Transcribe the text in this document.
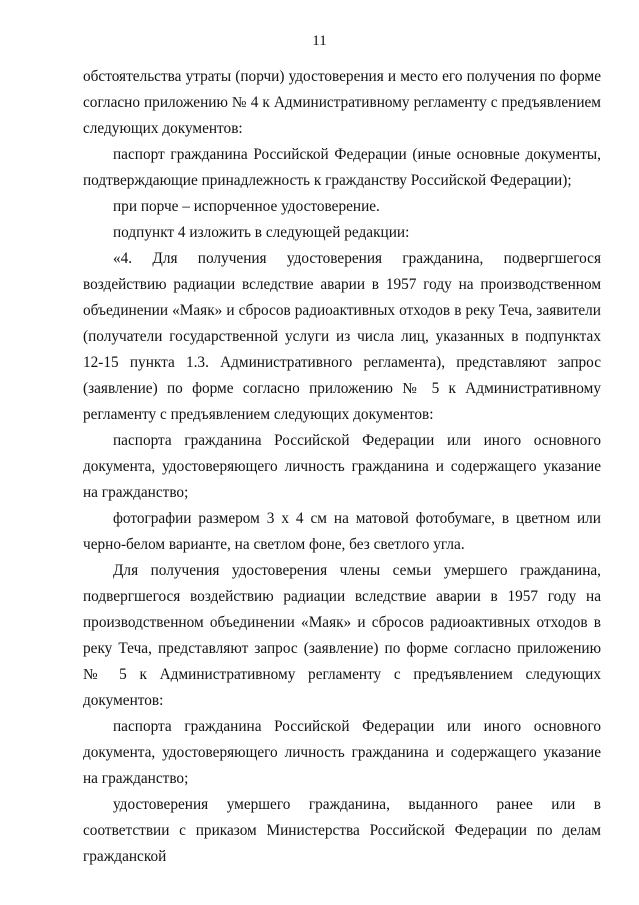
11

обстоятельства утраты (порчи) удостоверения и место его получения по форме согласно приложению № 4 к Административному регламенту с предъявлением следующих документов:

паспорт гражданина Российской Федерации (иные основные документы, подтверждающие принадлежность к гражданству Российской Федерации);

при порче – испорченное удостоверение.

подпункт 4 изложить в следующей редакции:

«4. Для получения удостоверения гражданина, подвергшегося воздействию радиации вследствие аварии в 1957 году на производственном объединении «Маяк» и сбросов радиоактивных отходов в реку Теча, заявители (получатели государственной услуги из числа лиц, указанных в подпунктах 12-15 пункта 1.3. Административного регламента), представляют запрос (заявление) по форме согласно приложению № 5 к Административному регламенту с предъявлением следующих документов:

паспорта гражданина Российской Федерации или иного основного документа, удостоверяющего личность гражданина и содержащего указание на гражданство;

фотографии размером 3 х 4 см на матовой фотобумаге, в цветном или черно-белом варианте, на светлом фоне, без светлого угла.

Для получения удостоверения члены семьи умершего гражданина, подвергшегося воздействию радиации вследствие аварии в 1957 году на производственном объединении «Маяк» и сбросов радиоактивных отходов в реку Теча, представляют запрос (заявление) по форме согласно приложению № 5 к Административному регламенту с предъявлением следующих документов:

паспорта гражданина Российской Федерации или иного основного документа, удостоверяющего личность гражданина и содержащего указание на гражданство;

удостоверения умершего гражданина, выданного ранее или в соответствии с приказом Министерства Российской Федерации по делам гражданской
